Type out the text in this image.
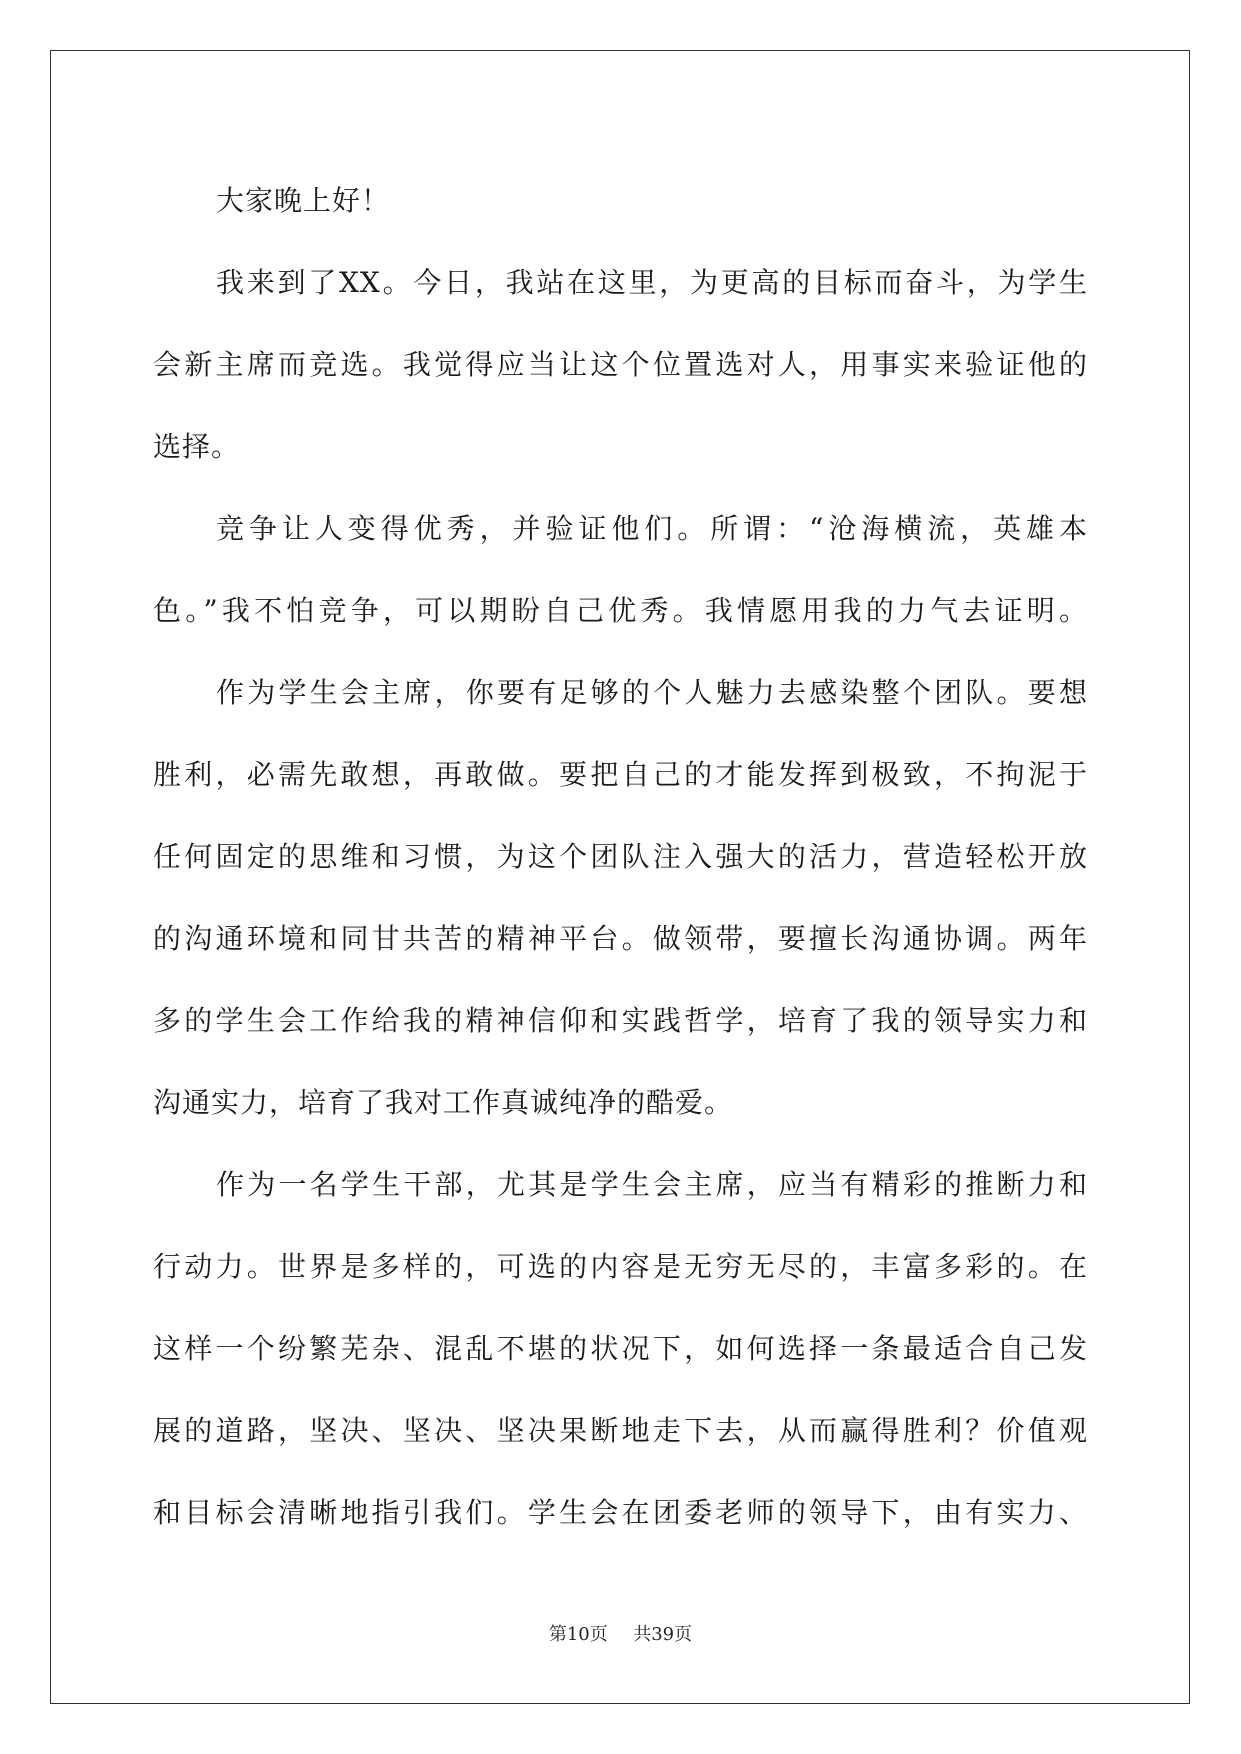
大家晚上好！
我来到了XX。今日，我站在这里，为更高的目标而奋斗，为学生
会新主席而竞选。我觉得应当让这个位置选对人，用事实来验证他的
选择。
竞争让人变得优秀，并验证他们。所谓：“沧海横流，英雄本
色。”我不怕竞争，可以期盼自己优秀。我情愿用我的力气去证明。
作为学生会主席，你要有足够的个人魅力去感染整个团队。要想
胜利，必需先敢想，再敢做。要把自己的才能发挥到极致，不拘泥于
任何固定的思维和习惯，为这个团队注入强大的活力，营造轻松开放
的沟通环境和同甘共苦的精神平台。做领带，要擅长沟通协调。两年
多的学生会工作给我的精神信仰和实践哲学，培育了我的领导实力和
沟通实力，培育了我对工作真诚纯净的酷爱。
作为一名学生干部，尤其是学生会主席，应当有精彩的推断力和
行动力。世界是多样的，可选的内容是无穷无尽的，丰富多彩的。在
这样一个纷繁芜杂、混乱不堪的状况下，如何选择一条最适合自己发
展的道路，坚决、坚决、坚决果断地走下去，从而赢得胜利？价值观
和目标会清晰地指引我们。学生会在团委老师的领导下，由有实力、
第10页 共39页
